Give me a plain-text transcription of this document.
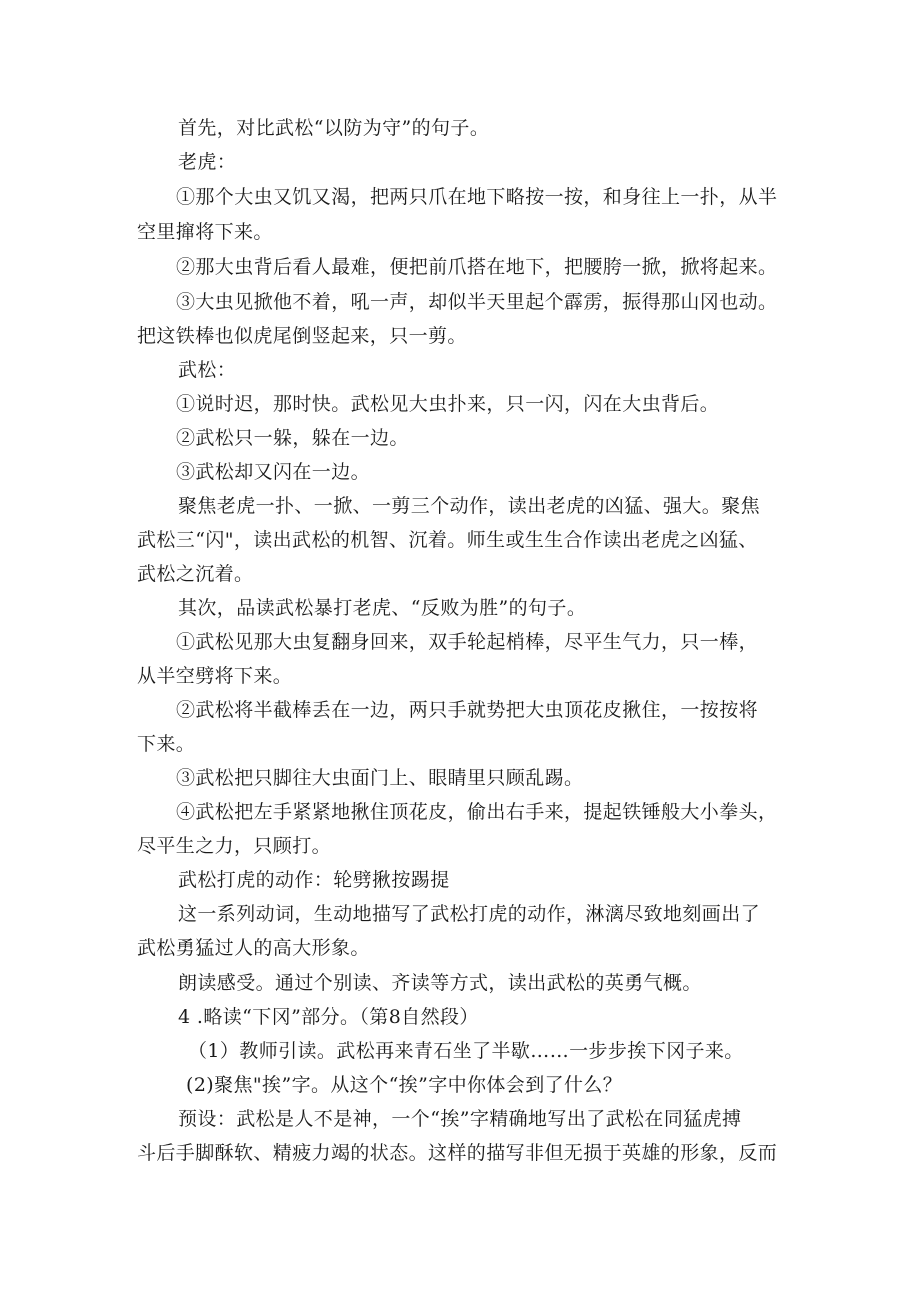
首先，对比武松“以防为守”的句子。
老虎：
①那个大虫又饥又渴，把两只爪在地下略按一按，和身往上一扑，从半
空里撺将下来。
②那大虫背后看人最难，便把前爪搭在地下，把腰胯一掀，掀将起来。
③大虫见掀他不着，吼一声，却似半天里起个霹雳，振得那山冈也动。
把这铁棒也似虎尾倒竖起来，只一剪。
武松：
①说时迟，那时快。武松见大虫扑来，只一闪，闪在大虫背后。
②武松只一躲，躲在一边。
③武松却又闪在一边。
聚焦老虎一扑、一掀、一剪三个动作，读出老虎的凶猛、强大。聚焦
武松三“闪"，读出武松的机智、沉着。师生或生生合作读出老虎之凶猛、
武松之沉着。
其次，品读武松暴打老虎、“反败为胜”的句子。
①武松见那大虫复翻身回来，双手轮起梢棒，尽平生气力，只一棒，
从半空劈将下来。
②武松将半截棒丢在一边，两只手就势把大虫顶花皮揪住，一按按将
下来。
③武松把只脚往大虫面门上、眼睛里只顾乱踢。
④武松把左手紧紧地揪住顶花皮，偷出右手来，提起铁锤般大小拳头，
尽平生之力，只顾打。
武松打虎的动作：轮劈揪按踢提
这一系列动词，生动地描写了武松打虎的动作，淋漓尽致地刻画出了
武松勇猛过人的高大形象。
朗读感受。通过个别读、齐读等方式，读出武松的英勇气概。
4 .略读“下冈”部分。（第8自然段）
（1）教师引读。武松再来青石坐了半歇……一步步挨下冈子来。
(2)聚焦"挨”字。从这个“挨”字中你体会到了什么？
预设：武松是人不是神，一个“挨”字精确地写出了武松在同猛虎搏
斗后手脚酥软、精疲力竭的状态。这样的描写非但无损于英雄的形象，反而
